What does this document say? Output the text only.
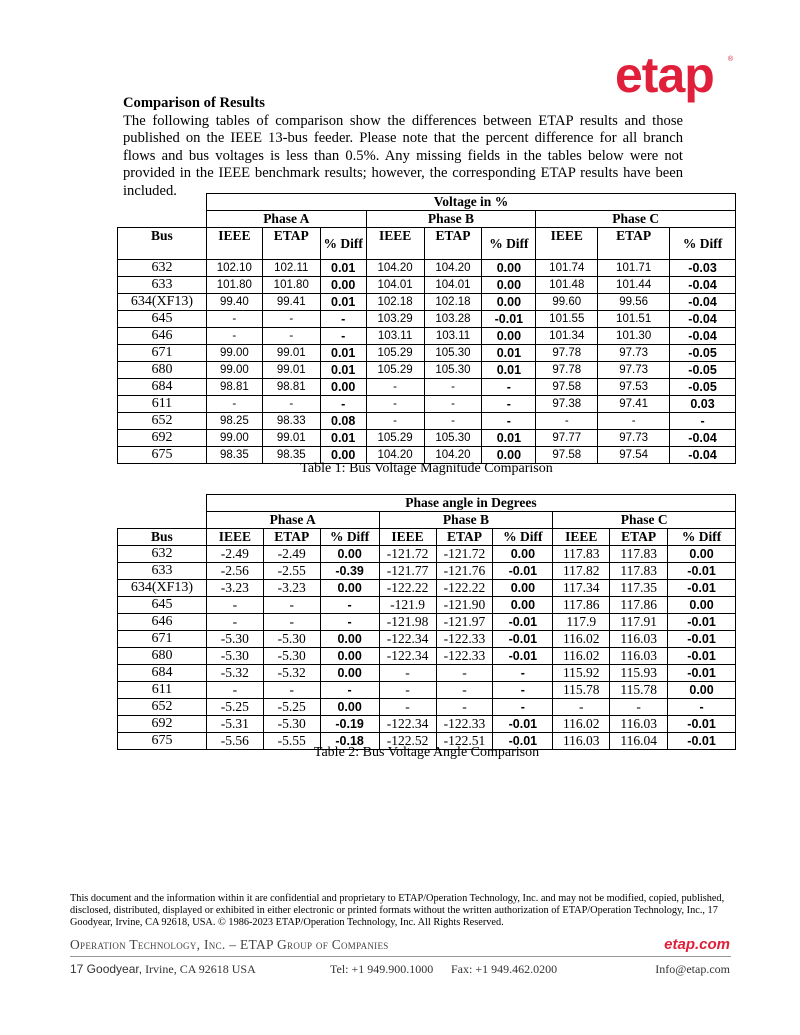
etap ®
Comparison of Results
The following tables of comparison show the differences between ETAP results and those published on the IEEE 13-bus feeder. Please note that the percent difference for all branch flows and bus voltages is less than 0.5%. Any missing fields in the tables below were not provided in the IEEE benchmark results; however, the corresponding ETAP results have been included.
	Voltage in %								
	Phase A			Phase B			Phase C		
Bus	IEEE	ETAP	% Diff	IEEE	ETAP	% Diff	IEEE	ETAP	% Diff
632	102.10	102.11	0.01	104.20	104.20	0.00	101.74	101.71	-0.03
633	101.80	101.80	0.00	104.01	104.01	0.00	101.48	101.44	-0.04
634(XF13)	99.40	99.41	0.01	102.18	102.18	0.00	99.60	99.56	-0.04
645	-	-	-	103.29	103.28	-0.01	101.55	101.51	-0.04
646	-	-	-	103.11	103.11	0.00	101.34	101.30	-0.04
671	99.00	99.01	0.01	105.29	105.30	0.01	97.78	97.73	-0.05
680	99.00	99.01	0.01	105.29	105.30	0.01	97.78	97.73	-0.05
684	98.81	98.81	0.00	-	-	-	97.58	97.53	-0.05
611	-	-	-	-	-	-	97.38	97.41	0.03
652	98.25	98.33	0.08	-	-	-	-	-	-
692	99.00	99.01	0.01	105.29	105.30	0.01	97.77	97.73	-0.04
675	98.35	98.35	0.00	104.20	104.20	0.00	97.58	97.54	-0.04
Table 1: Bus Voltage Magnitude Comparison
	Phase angle in Degrees								
	Phase A			Phase B			Phase C		
Bus	IEEE	ETAP	% Diff	IEEE	ETAP	% Diff	IEEE	ETAP	% Diff
632	-2.49	-2.49	0.00	-121.72	-121.72	0.00	117.83	117.83	0.00
633	-2.56	-2.55	-0.39	-121.77	-121.76	-0.01	117.82	117.83	-0.01
634(XF13)	-3.23	-3.23	0.00	-122.22	-122.22	0.00	117.34	117.35	-0.01
645	-	-	-	-121.9	-121.90	0.00	117.86	117.86	0.00
646	-	-	-	-121.98	-121.97	-0.01	117.9	117.91	-0.01
671	-5.30	-5.30	0.00	-122.34	-122.33	-0.01	116.02	116.03	-0.01
680	-5.30	-5.30	0.00	-122.34	-122.33	-0.01	116.02	116.03	-0.01
684	-5.32	-5.32	0.00	-	-	-	115.92	115.93	-0.01
611	-	-	-	-	-	-	115.78	115.78	0.00
652	-5.25	-5.25	0.00	-	-	-	-	-	-
692	-5.31	-5.30	-0.19	-122.34	-122.33	-0.01	116.02	116.03	-0.01
675	-5.56	-5.55	-0.18	-122.52	-122.51	-0.01	116.03	116.04	-0.01
Table 2: Bus Voltage Angle Comparison
This document and the information within it are confidential and proprietary to ETAP/Operation Technology, Inc. and may not be modified, copied, published, disclosed, distributed, displayed or exhibited in either electronic or printed formats without the written authorization of ETAP/Operation Technology, Inc., 17 Goodyear, Irvine, CA 92618, USA. © 1986-2023 ETAP/Operation Technology, Inc. All Rights Reserved.
Operation Technology, Inc. – ETAP Group of Companies	etap.com
17 Goodyear, Irvine, CA 92618 USA	Tel: +1 949.900.1000 Fax: +1 949.462.0200	Info@etap.com
